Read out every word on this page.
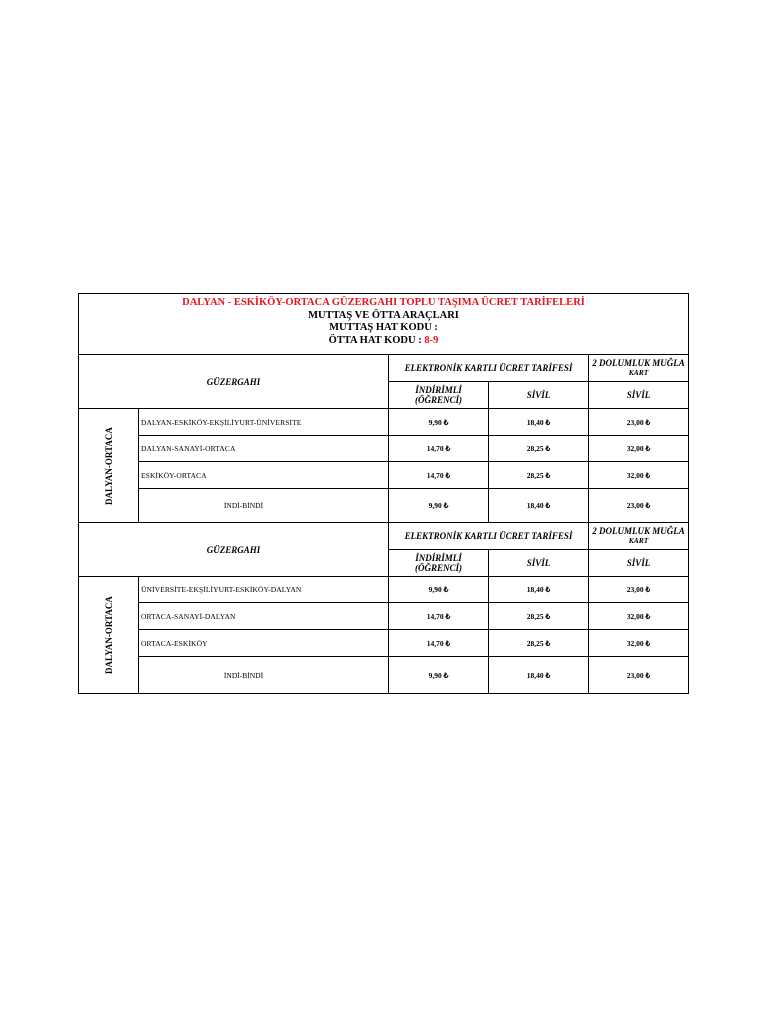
DALYAN - ESKİKÖY-ORTACA GÜZERGAHI TOPLU TAŞIMA ÜCRET TARİFELERİ
MUTTAŞ VE ÖTTA ARAÇLARI
MUTTAŞ HAT KODU :
ÖTTA HAT KODU : 8-9
GÜZERGAHI
ELEKTRONİK KARTLI ÜCRET TARİFESİ	2 DOLUMLUK MUĞLA
KART
İNDİRİMLİ
(ÖĞRENCİ)	SİVİL	SİVİL
DALYAN-ORTACA
DALYAN-ESKİKÖY-EKŞİLİYURT-ÜNİVERSİTE	9,90 ₺	18,40 ₺	23,00 ₺
DALYAN-SANAYİ-ORTACA	14,70 ₺	28,25 ₺	32,00 ₺
ESKİKÖY-ORTACA	14,70 ₺	28,25 ₺	32,00 ₺
İNDİ-BİNDİ	9,90 ₺	18,40 ₺	23,00 ₺
GÜZERGAHI
ELEKTRONİK KARTLI ÜCRET TARİFESİ	2 DOLUMLUK MUĞLA
KART
İNDİRİMLİ
(ÖĞRENCİ)	SİVİL	SİVİL
DALYAN-ORTACA
ÜNİVERSİTE-EKŞİLİYURT-ESKİKÖY-DALYAN	9,90 ₺	18,40 ₺	23,00 ₺
ORTACA-SANAYİ-DALYAN	14,70 ₺	28,25 ₺	32,00 ₺
ORTACA-ESKİKÖY	14,70 ₺	28,25 ₺	32,00 ₺
İNDİ-BİNDİ	9,90 ₺	18,40 ₺	23,00 ₺
